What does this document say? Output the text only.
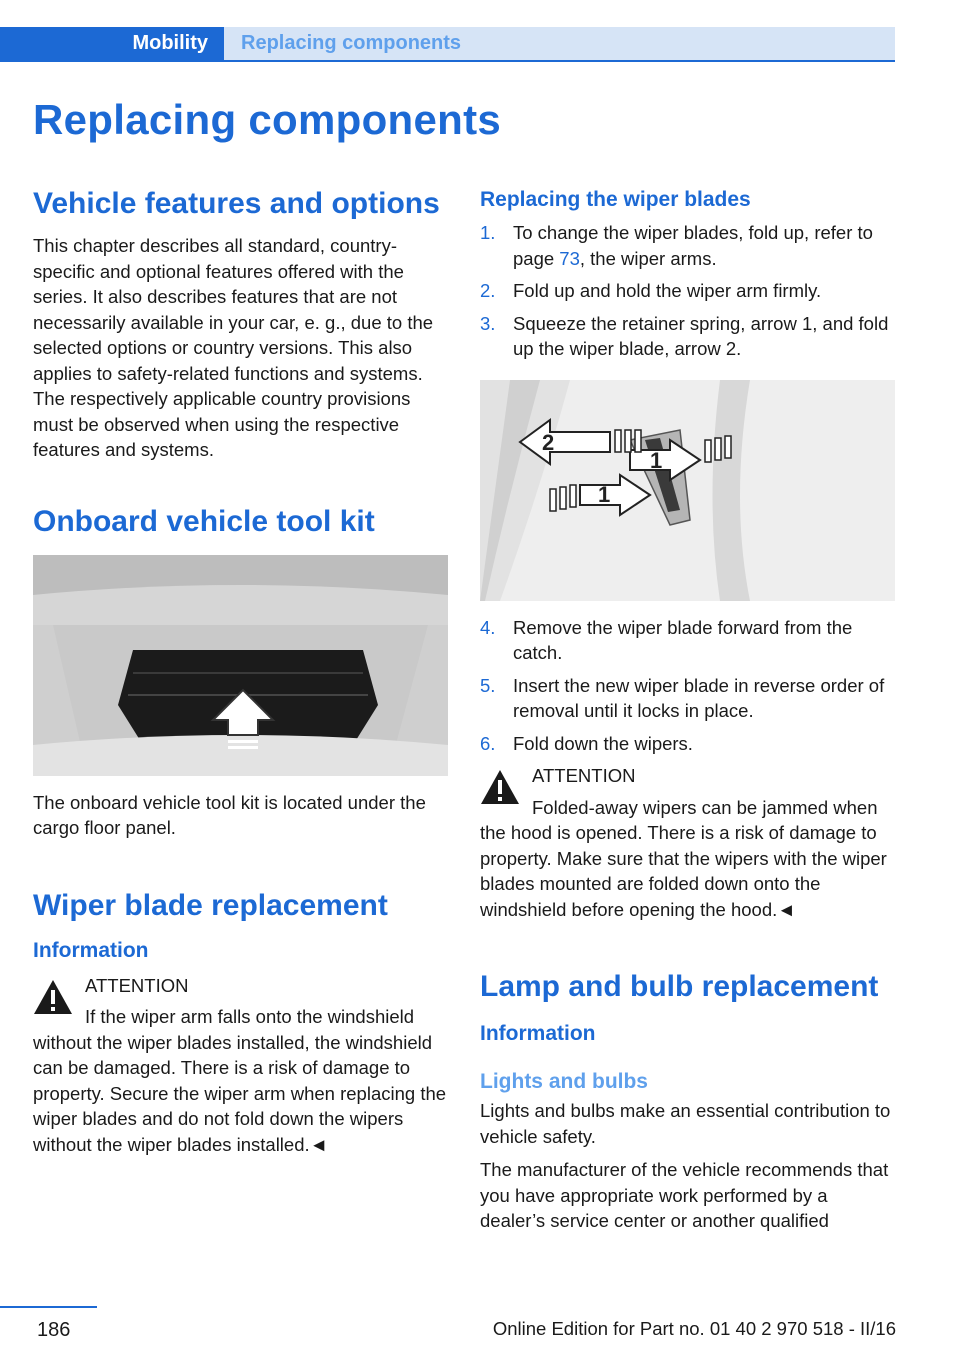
Mobility	Replacing components
Replacing components
Vehicle features and options

This chapter describes all standard, country-specific and optional features offered with the series. It also describes features that are not necessarily available in your car, e. g., due to the selected options or country versions. This also applies to safety-related functions and systems. The respectively applicable country provisions must be observed when using the respective features and systems.

Onboard vehicle tool kit

The onboard vehicle tool kit is located under the cargo floor panel.

Wiper blade replacement
Information
ATTENTION
If the wiper arm falls onto the windshield without the wiper blades installed, the windshield can be damaged. There is a risk of damage to property. Secure the wiper arm when replacing the wiper blades and do not fold down the wipers without the wiper blades installed.◄
Replacing the wiper blades
1. To change the wiper blades, fold up, refer to page 73, the wiper arms.
2. Fold up and hold the wiper arm firmly.
3. Squeeze the retainer spring, arrow 1, and fold up the wiper blade, arrow 2.
2
1
1
4. Remove the wiper blade forward from the catch.
5. Insert the new wiper blade in reverse order of removal until it locks in place.
6. Fold down the wipers.
ATTENTION
Folded-away wipers can be jammed when the hood is opened. There is a risk of damage to property. Make sure that the wipers with the wiper blades mounted are folded down onto the windshield before opening the hood.◄
Lamp and bulb replacement
Information
Lights and bulbs

Lights and bulbs make an essential contribution to vehicle safety.

The manufacturer of the vehicle recommends that you have appropriate work performed by a dealer’s service center or another qualified

186	Online Edition for Part no. 01 40 2 970 518 - II/16
